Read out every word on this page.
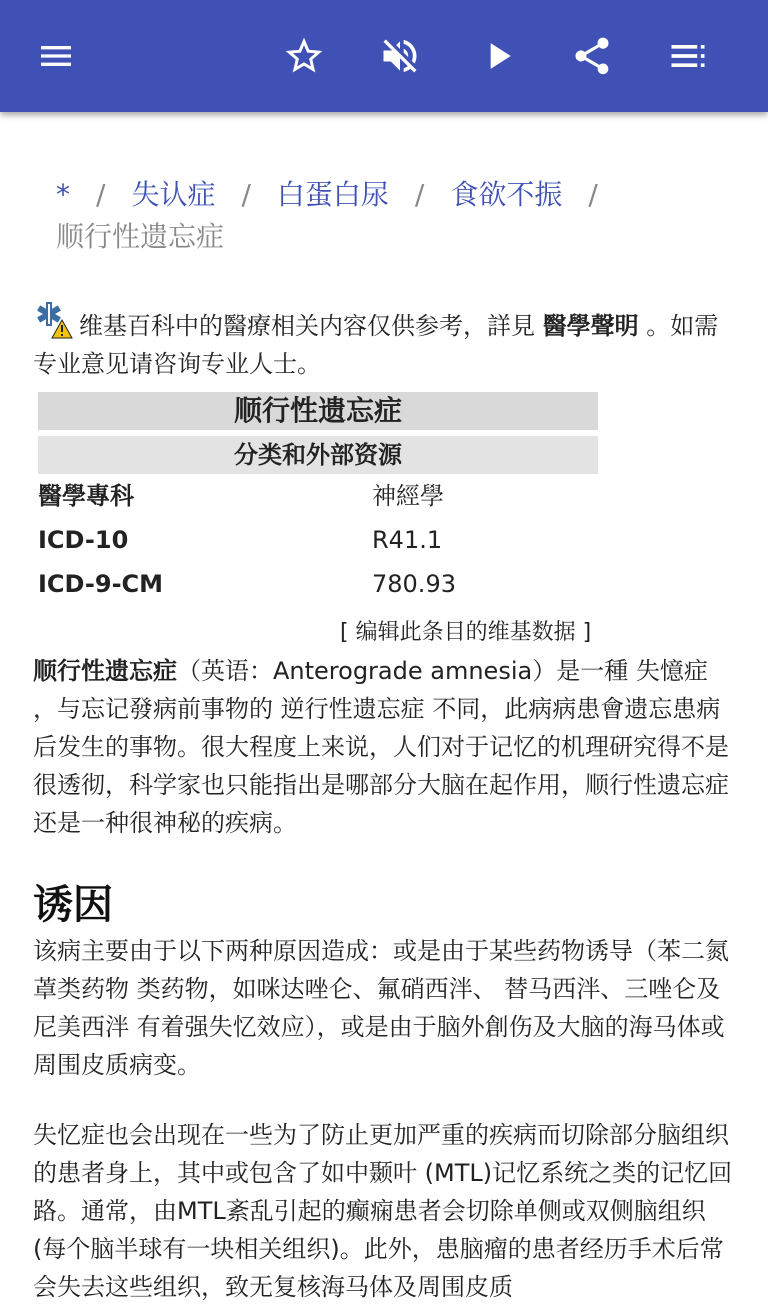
* / 失认症 / 白蛋白尿 / 食欲不振 /
顺行性遗忘症
维基百科中的醫療相关内容仅供参考，詳見 醫學聲明 。如需专业意见请咨询专业人士。
顺行性遗忘症
分类和外部资源
醫學專科	神經學
ICD-10	R41.1
ICD-9-CM	780.93
[ 编辑此条目的维基数据 ]
顺行性遗忘症（英语：Anterograde amnesia）是一種 失憶症 ，与忘记發病前事物的 逆行性遗忘症 不同，此病病患會遗忘患病后发生的事物。很大程度上来说，人们对于记忆的机理研究得不是很透彻，科学家也只能指出是哪部分大脑在起作用，顺行性遗忘症还是一种很神秘的疾病。
诱因
该病主要由于以下两种原因造成：或是由于某些药物诱导（苯二氮䓬类药物 类药物，如咪达唑仑、氟硝西泮、 替马西泮、三唑仑及 尼美西泮 有着强失忆效应），或是由于脑外創伤及大脑的海马体或周围皮质病变。
失忆症也会出现在一些为了防止更加严重的疾病而切除部分脑组织的患者身上，其中或包含了如中颞叶 (MTL)记忆系统之类的记忆回路。通常，由MTL紊乱引起的癫痫患者会切除单侧或双侧脑组织 (每个脑半球有一块相关组织)。此外，患脑瘤的患者经历手术后常会失去这些组织，致无复核海马体及周围皮质
